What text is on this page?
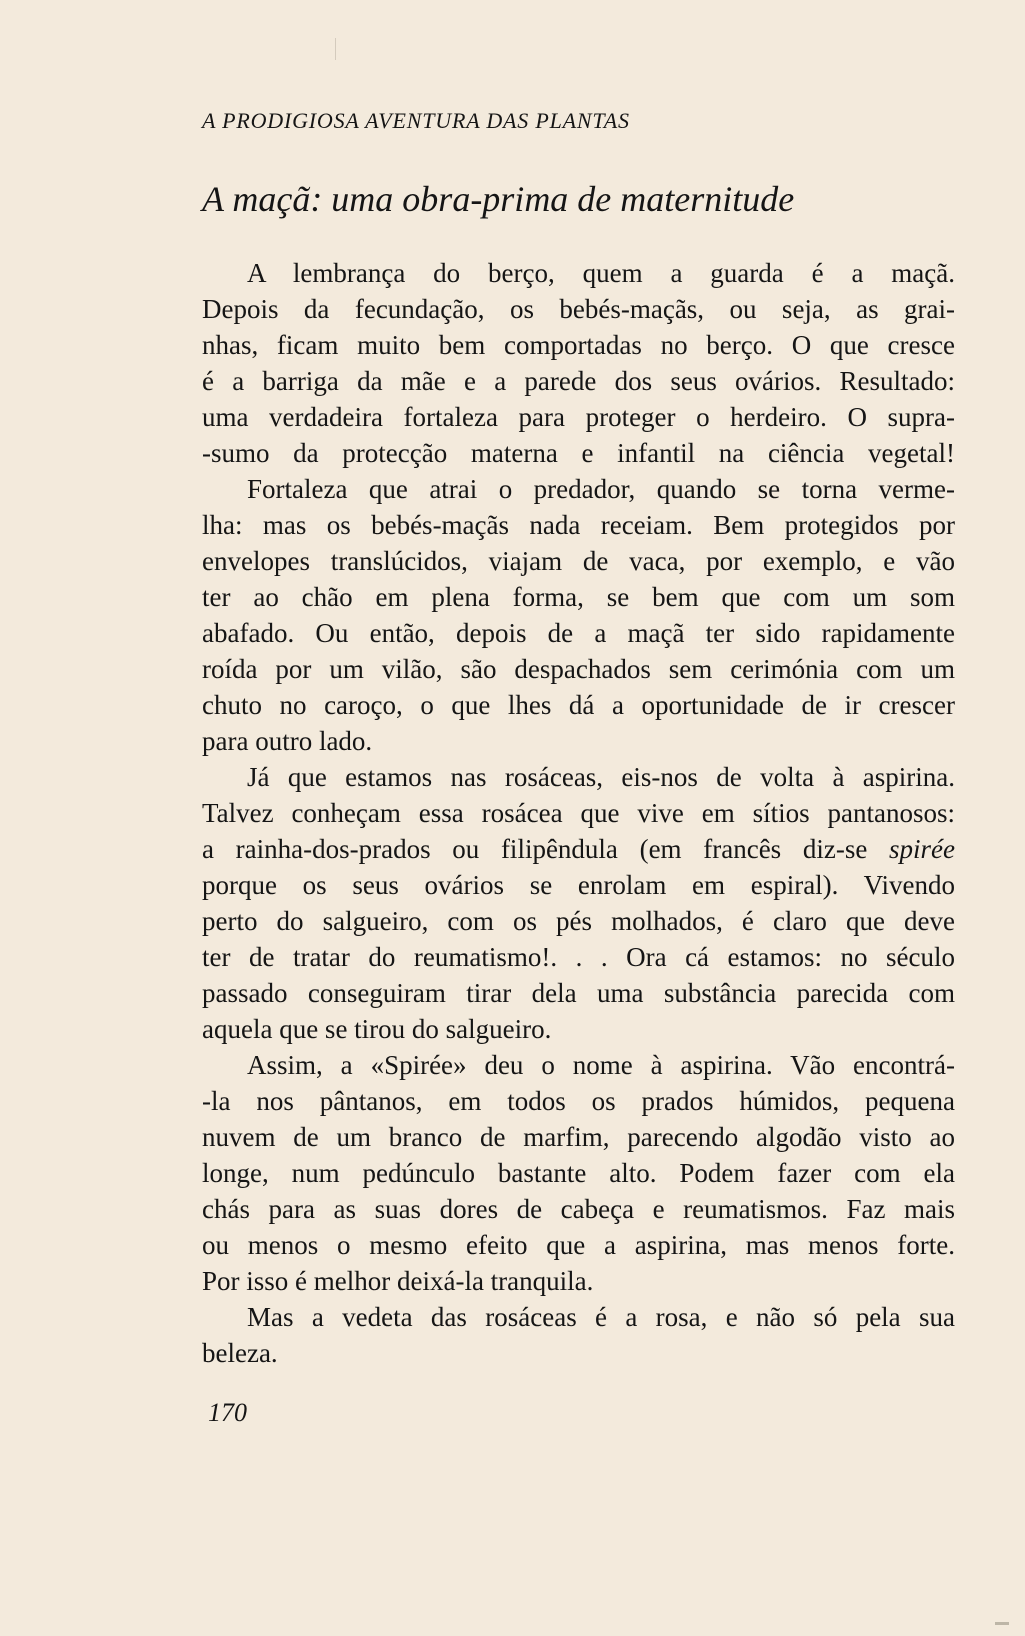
A PRODIGIOSA AVENTURA DAS PLANTAS

A maçã: uma obra-prima de maternitude
A lembrança do berço, quem a guarda é a maçã.
Depois da fecundação, os bebés-maçãs, ou seja, as grai-
nhas, ficam muito bem comportadas no berço. O que cresce
é a barriga da mãe e a parede dos seus ovários. Resultado:
uma verdadeira fortaleza para proteger o herdeiro. O supra-
-sumo da protecção materna e infantil na ciência vegetal!
Fortaleza que atrai o predador, quando se torna verme-
lha: mas os bebés-maçãs nada receiam. Bem protegidos por
envelopes translúcidos, viajam de vaca, por exemplo, e vão
ter ao chão em plena forma, se bem que com um som
abafado. Ou então, depois de a maçã ter sido rapidamente
roída por um vilão, são despachados sem cerimónia com um
chuto no caroço, o que lhes dá a oportunidade de ir crescer
para outro lado.
Já que estamos nas rosáceas, eis-nos de volta à aspirina.
Talvez conheçam essa rosácea que vive em sítios pantanosos:
a rainha-dos-prados ou filipêndula (em francês diz-se spirée
porque os seus ovários se enrolam em espiral). Vivendo
perto do salgueiro, com os pés molhados, é claro que deve
ter de tratar do reumatismo!. . . Ora cá estamos: no século
passado conseguiram tirar dela uma substância parecida com
aquela que se tirou do salgueiro.
Assim, a «Spirée» deu o nome à aspirina. Vão encontrá-
-la nos pântanos, em todos os prados húmidos, pequena
nuvem de um branco de marfim, parecendo algodão visto ao
longe, num pedúnculo bastante alto. Podem fazer com ela
chás para as suas dores de cabeça e reumatismos. Faz mais
ou menos o mesmo efeito que a aspirina, mas menos forte.
Por isso é melhor deixá-la tranquila.
Mas a vedeta das rosáceas é a rosa, e não só pela sua
beleza.

170
